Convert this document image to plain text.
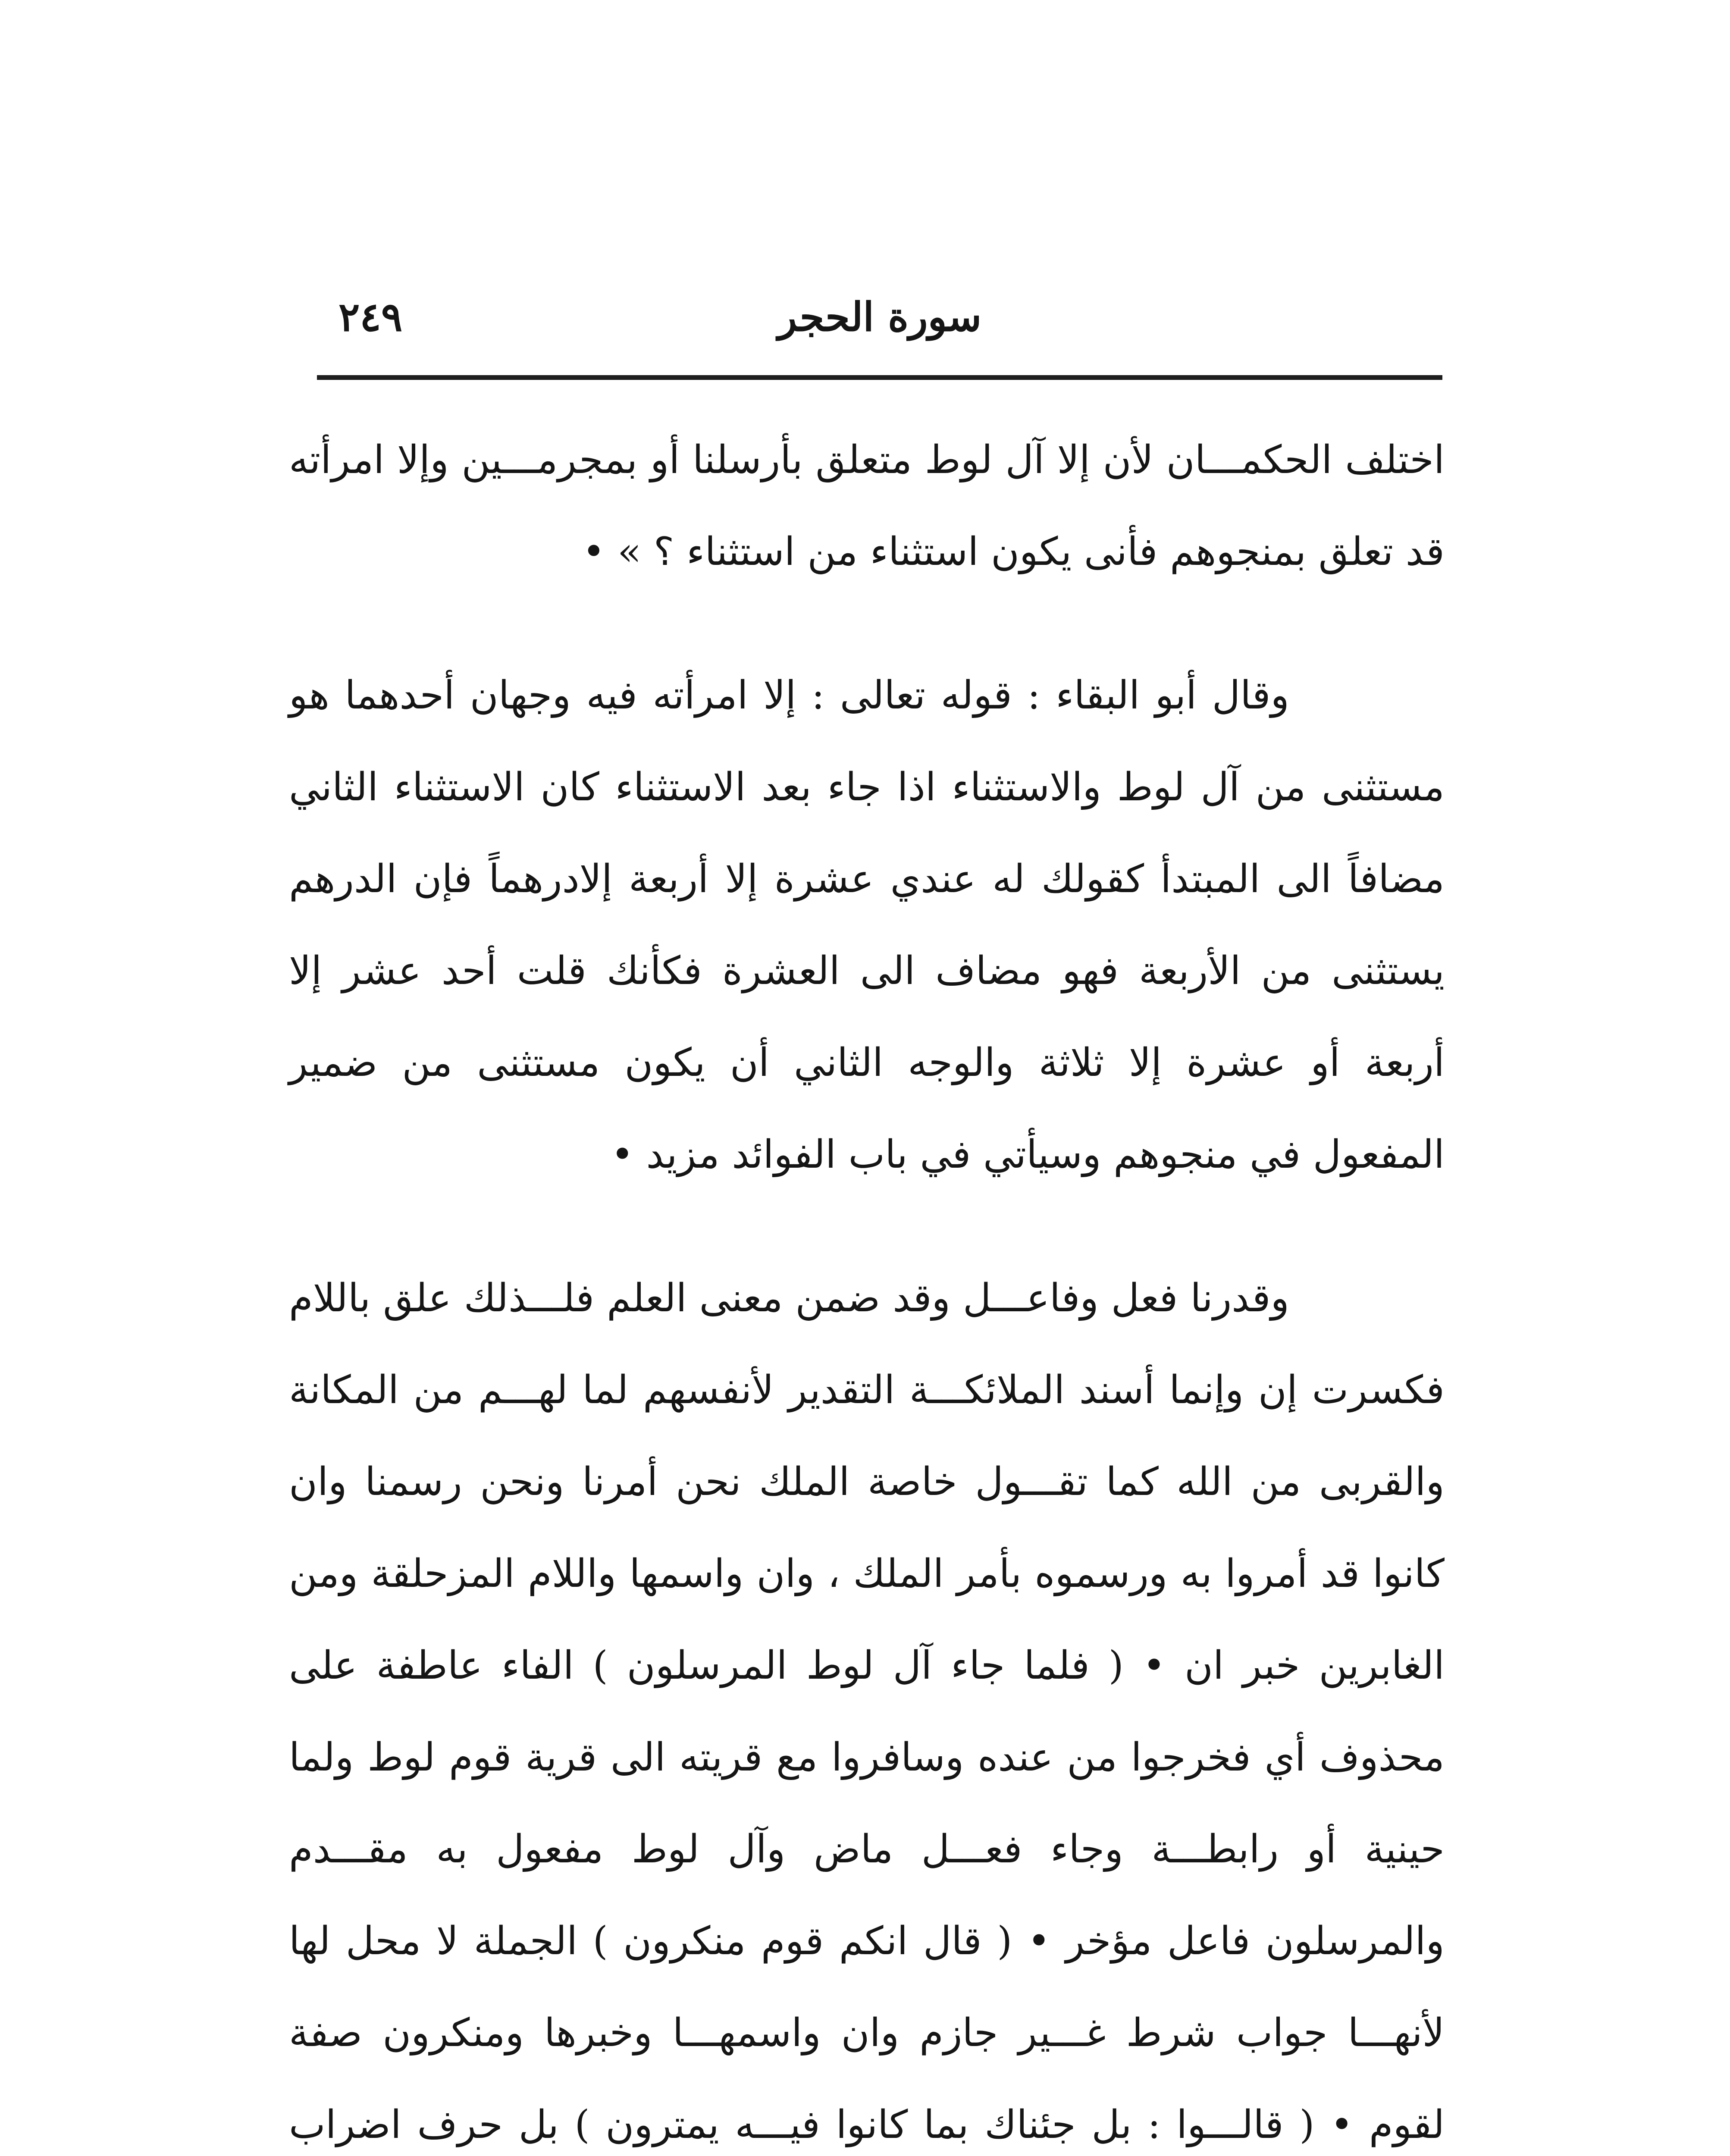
سورة الحجر
٢٤٩

اختلف الحكمـــان لأن إلا آل لوط متعلق بأرسلنا أو بمجرمـــين وإلا امرأته قد تعلق بمنجوهم فأنى يكون استثناء من استثناء ؟ » •

وقال أبو البقاء : قوله تعالى : إلا امرأته فيه وجهان أحدهما هو مستثنى من آل لوط والاستثناء اذا جاء بعد الاستثناء كان الاستثناء الثاني مضافاً الى المبتدأ كقولك له عندي عشرة إلا أربعة إلادرهماً فإن الدرهم يستثنى من الأربعة فهو مضاف الى العشرة فكأنك قلت أحد عشر إلا أربعة أو عشرة إلا ثلاثة والوجه الثاني أن يكون مستثنى من ضمير المفعول في منجوهم وسيأتي في باب الفوائد مزيد •

وقدرنا فعل وفاعـــل وقد ضمن معنى العلم فلـــذلك علق باللام فكسرت إن وإنما أسند الملائكـــة التقدير لأنفسهم لما لهـــم من المكانة والقربى من الله كما تقـــول خاصة الملك نحن أمرنا ونحن رسمنا وان كانوا قد أمروا به ورسموه بأمر الملك ، وان واسمها واللام المزحلقة ومن الغابرين خبر ان • ( فلما جاء آل لوط المرسلون ) الفاء عاطفة على محذوف أي فخرجوا من عنده وسافروا مع قريته الى قرية قوم لوط ولما حينية أو رابطـــة وجاء فعـــل ماض وآل لوط مفعول به مقـــدم والمرسلون فاعل مؤخر • ( قال انكم قوم منكرون ) الجملة لا محل لها لأنهـــا جواب شرط غـــير جازم وان واسمهـــا وخبرها ومنكرون صفة لقوم • ( قالـــوا : بل جئناك بما كانوا فيـــه يمترون ) بل حرف اضراب
